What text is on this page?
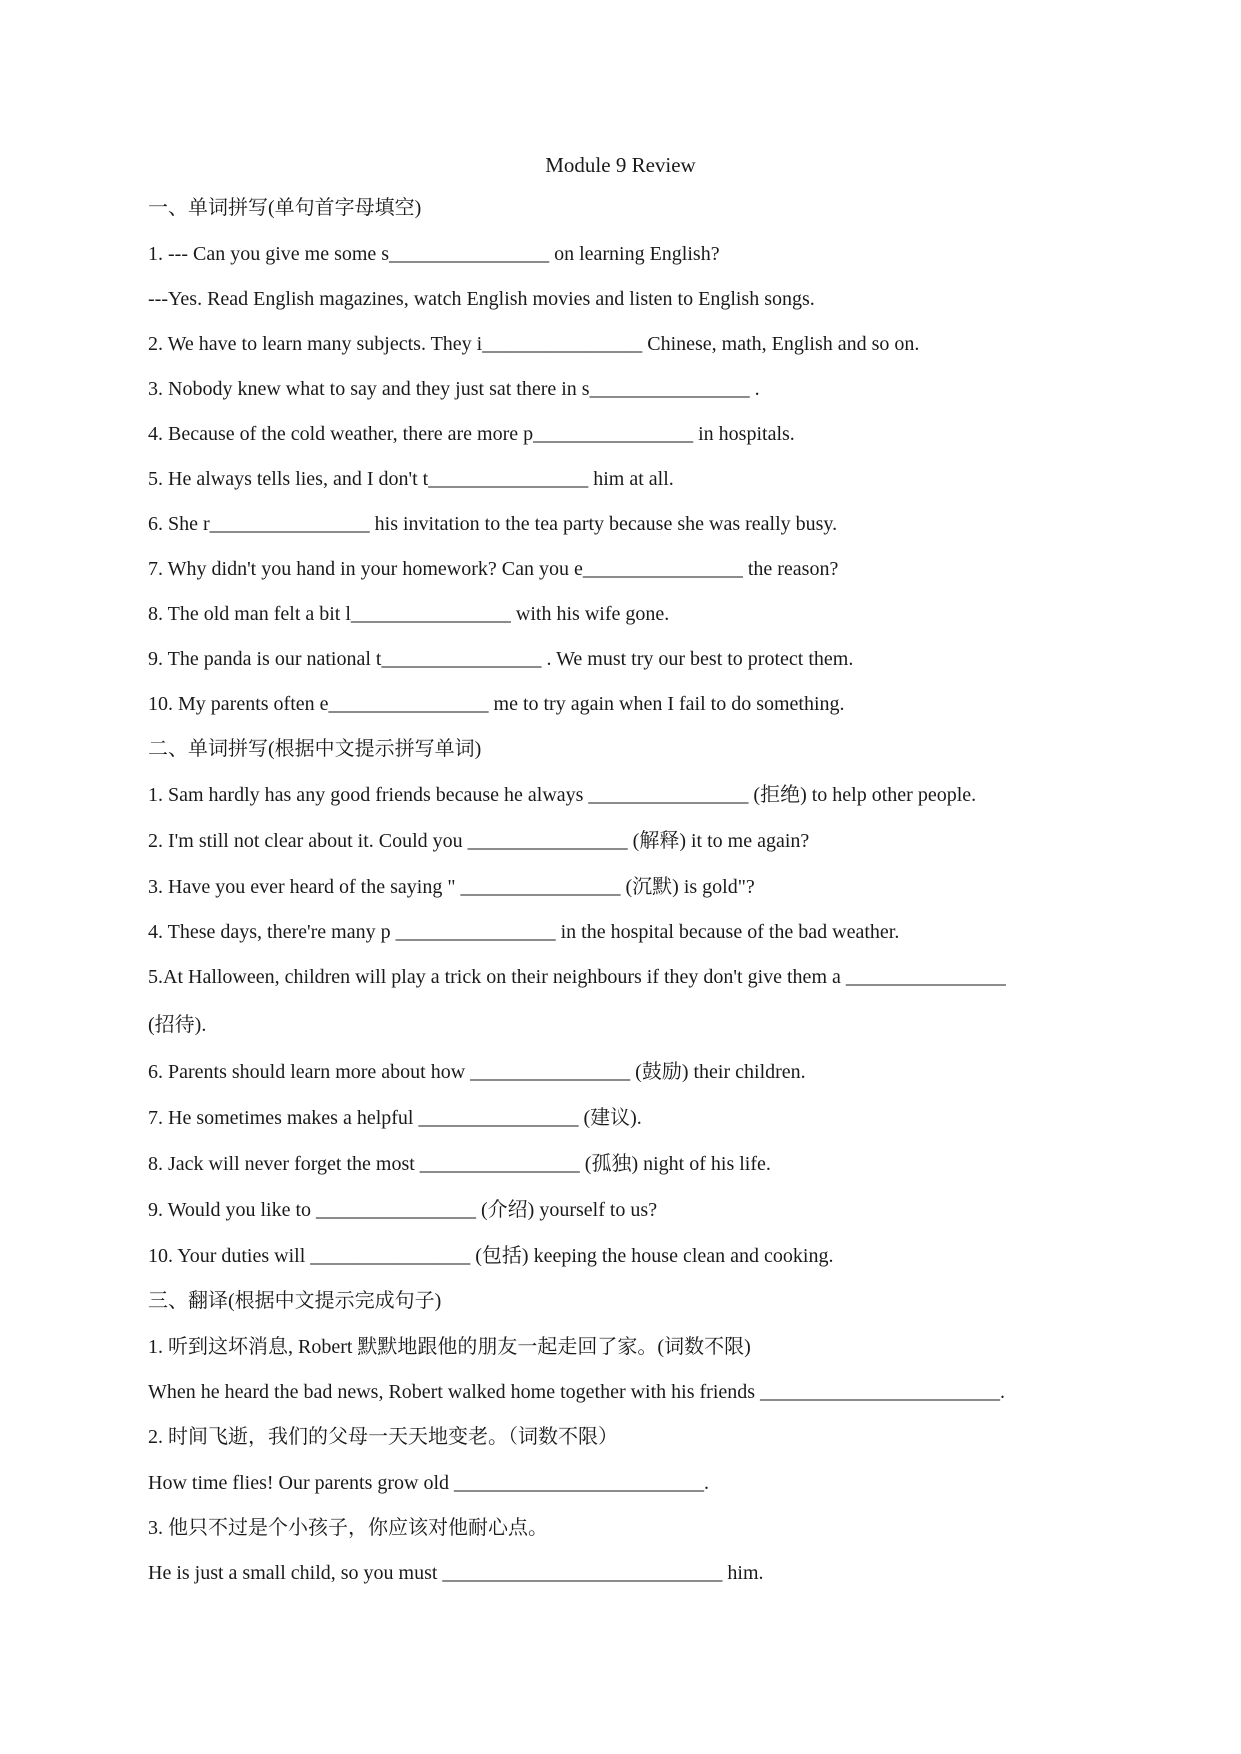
Module 9 Review
一、单词拼写(单句首字母填空)
1. --- Can you give me some s________________ on learning English?
---Yes. Read English magazines, watch English movies and listen to English songs.
2. We have to learn many subjects. They i________________ Chinese, math, English and so on.
3. Nobody knew what to say and they just sat there in s________________ .
4. Because of the cold weather, there are more p________________ in hospitals.
5. He always tells lies, and I don't t________________ him at all.
6. She r________________ his invitation to the tea party because she was really busy.
7. Why didn't you hand in your homework? Can you e________________ the reason?
8. The old man felt a bit l________________ with his wife gone.
9. The panda is our national t________________ . We must try our best to protect them.
10. My parents often e________________ me to try again when I fail to do something.
二、单词拼写(根据中文提示拼写单词)
1. Sam hardly has any good friends because he always ________________ (拒绝) to help other people.
2. I'm still not clear about it. Could you ________________ (解释) it to me again?
3. Have you ever heard of the saying " ________________ (沉默) is gold"?
4. These days, there're many p ________________ in the hospital because of the bad weather.
5.At Halloween, children will play a trick on their neighbours if they don't give them a ________________
(招待).
6. Parents should learn more about how ________________ (鼓励) their children.
7. He sometimes makes a helpful ________________ (建议).
8. Jack will never forget the most ________________ (孤独) night of his life.
9. Would you like to ________________ (介绍) yourself to us?
10. Your duties will ________________ (包括) keeping the house clean and cooking.
三、翻译(根据中文提示完成句子)
1. 听到这坏消息, Robert 默默地跟他的朋友一起走回了家。(词数不限)
When he heard the bad news, Robert walked home together with his friends ________________________.
2. 时间飞逝，我们的父母一天天地变老。（词数不限）
How time flies! Our parents grow old _________________________.
3. 他只不过是个小孩子，你应该对他耐心点。
He is just a small child, so you must ____________________________ him.
